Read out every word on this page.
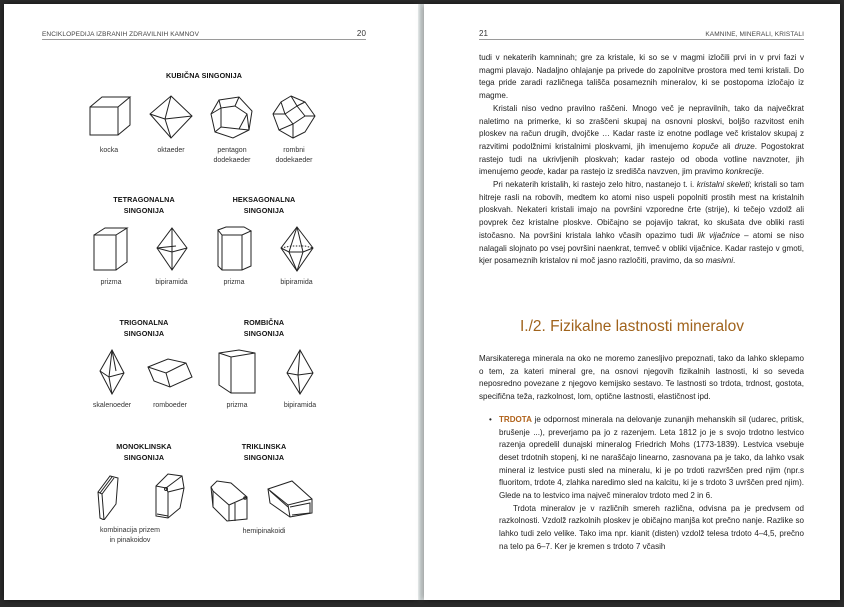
ENCIKLOPEDIJA IZBRANIH ZDRAVILNIH KAMNOV	20
KUBIČNA SINGONIJA
kocka	oktaeder	pentagon dodekaeder
rombni dodekaeder
TETRAGONALNA
SINGONIJA
HEKSAGONALNA
SINGONIJA
prizma	bipiramida	prizma	bipiramida
TRIGONALNA
SINGONIJA
ROMBIČNA
SINGONIJA
skalenoeder	romboeder	prizma	bipiramida
MONOKLINSKA
SINGONIJA
TRIKLINSKA
SINGONIJA
kombinacija prizem
in pinakoidov
hemipinakoidi
21	KAMNINE, MINERALI, KRISTALI

tudi v nekaterih kamninah; gre za kristale, ki so se v magmi izločili prvi in v prvi fazi v magmi plavajo. Nadaljno ohlajanje pa privede do zapolnitve prostora med temi kristali. Do tega pride zaradi različnega tališča posameznih mineralov, ki se postopoma izločajo iz magme.

Kristali niso vedno pravilno raščeni. Mnogo več je nepravilnih, tako da največkrat naletimo na primerke, ki so zraščeni skupaj na osnovni ploskvi, boljšo razvitost enih ploskev na račun drugih, dvojčke … Kadar raste iz enotne podlage več kristalov skupaj z razvitimi podolžnimi kristalnimi ploskvami, jih imenujemo kopuče ali druze. Pogostokrat rastejo tudi na ukrivljenih ploskvah; kadar rastejo od oboda votline navznoter, jih imenujemo geode, kadar pa rastejo iz središča navzven, jim pravimo konkrecije.

Pri nekaterih kristalih, ki rastejo zelo hitro, nastanejo t. i. kristalni skeleti; kristali so tam hitreje rasli na robovih, medtem ko atomi niso uspeli popolniti prostih mest na kristalnih ploskvah. Nekateri kristali imajo na površini vzporedne črte (strije), ki tečejo vzdolž ali povprek čez kristalne ploskve. Običajno se pojavijo takrat, ko skušata dve obliki rasti istočasno. Na površini kristala lahko včasih opazimo tudi lik vijačnice – atomi se niso nalagali slojnato po vsej površini naenkrat, temveč v obliki vijačnice. Kadar rastejo v gmoti, kjer posameznih kristalov ni moč jasno razločiti, pravimo, da so masivni.

I./2. Fizikalne lastnosti mineralov

Marsikaterega minerala na oko ne moremo zanesljivo prepoznati, tako da lahko sklepamo o tem, za kateri mineral gre, na osnovi njegovih fizikalnih lastnosti, ki so seveda neposredno povezane z njegovo kemijsko sestavo. Te lastnosti so trdota, trdnost, gostota, specifična teža, razkolnost, lom, optične lastnosti, elastičnost ipd.

• TRDOTA je odpornost minerala na delovanje zunanjih mehanskih sil (udarec, pritisk, brušenje ...), preverjamo pa jo z razenjem. Leta 1812 jo je s svojo trdotno lestvico razenja opredelil dunajski mineralog Friedrich Mohs (1773-1839). Lestvica vsebuje deset trdotnih stopenj, ki ne naraščajo linearno, zasnovana pa je tako, da lahko vsak mineral iz lestvice pusti sled na mineralu, ki je po trdoti razvrščen pred njim (npr.s fluoritom, trdote 4, zlahka naredimo sled na kalcitu, ki je s trdoto 3 uvrščen pred njim). Glede na to lestvico ima največ mineralov trdoto med 2 in 6.

Trdota mineralov je v različnih smereh različna, odvisna pa je predvsem od razkolnosti. Vzdolž razkolnih ploskev je običajno manjša kot prečno nanje. Razlike so lahko tudi zelo velike. Tako ima npr. kianit (disten) vzdolž telesa trdoto 4–4,5, prečno na telo pa 6–7. Ker je kremen s trdoto 7 včasih
